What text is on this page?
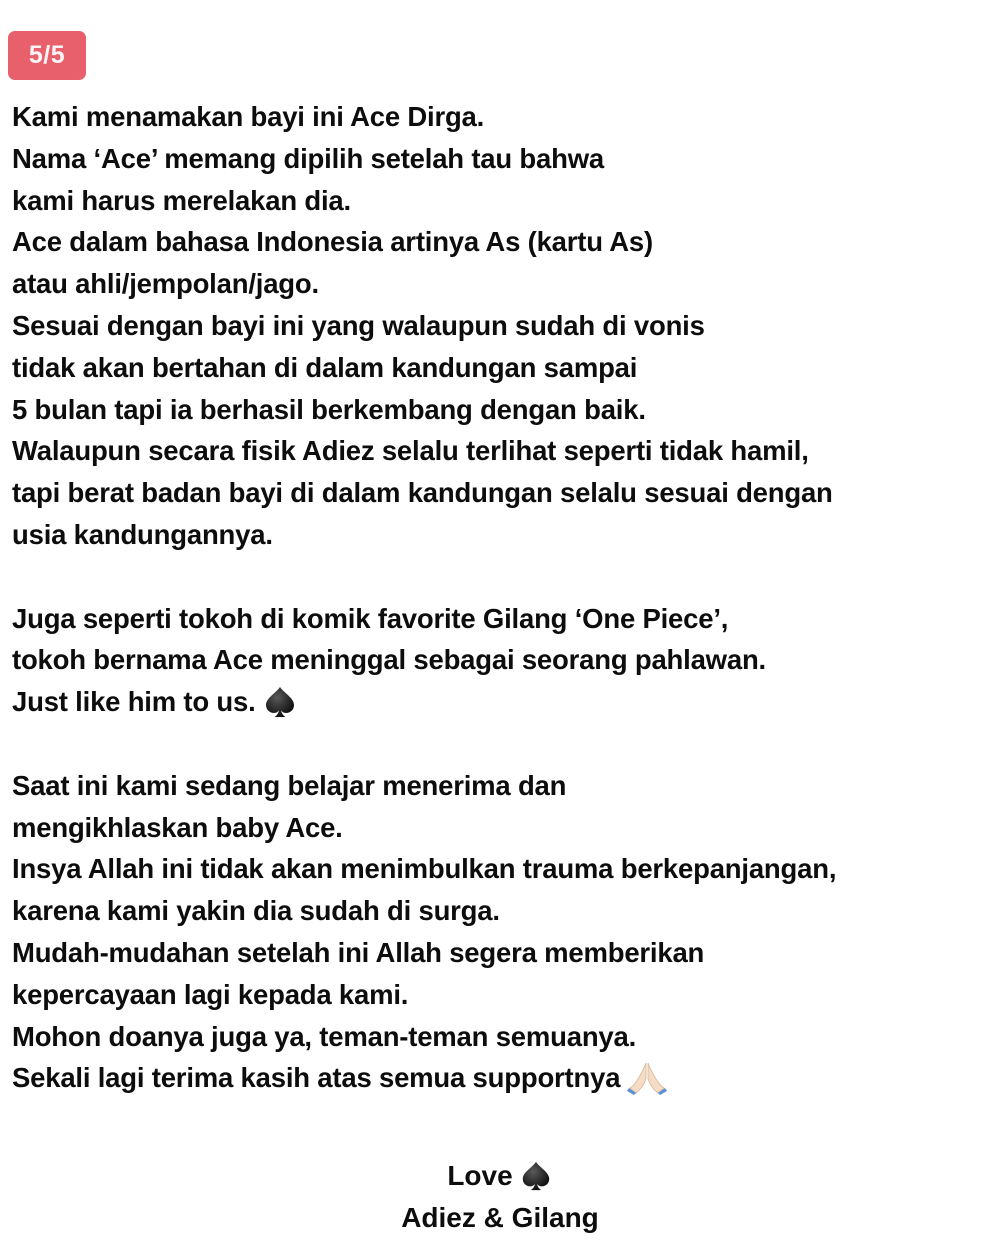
5/5
Kami menamakan bayi ini Ace Dirga.
Nama ‘Ace’ memang dipilih setelah tau bahwa
kami harus merelakan dia.
Ace dalam bahasa Indonesia artinya As (kartu As)
atau ahli/jempolan/jago.
Sesuai dengan bayi ini yang walaupun sudah di vonis
tidak akan bertahan di dalam kandungan sampai
5 bulan tapi ia berhasil berkembang dengan baik.
Walaupun secara fisik Adiez selalu terlihat seperti tidak hamil,
tapi berat badan bayi di dalam kandungan selalu sesuai dengan
usia kandungannya.
Juga seperti tokoh di komik favorite Gilang ‘One Piece’,
tokoh bernama Ace meninggal sebagai seorang pahlawan.
Just like him to us.
Saat ini kami sedang belajar menerima dan
mengikhlaskan baby Ace.
Insya Allah ini tidak akan menimbulkan trauma berkepanjangan,
karena kami yakin dia sudah di surga.
Mudah-mudahan setelah ini Allah segera memberikan
kepercayaan lagi kepada kami.
Mohon doanya juga ya, teman-teman semuanya.
Sekali lagi terima kasih atas semua supportnya
Love
Adiez & Gilang
